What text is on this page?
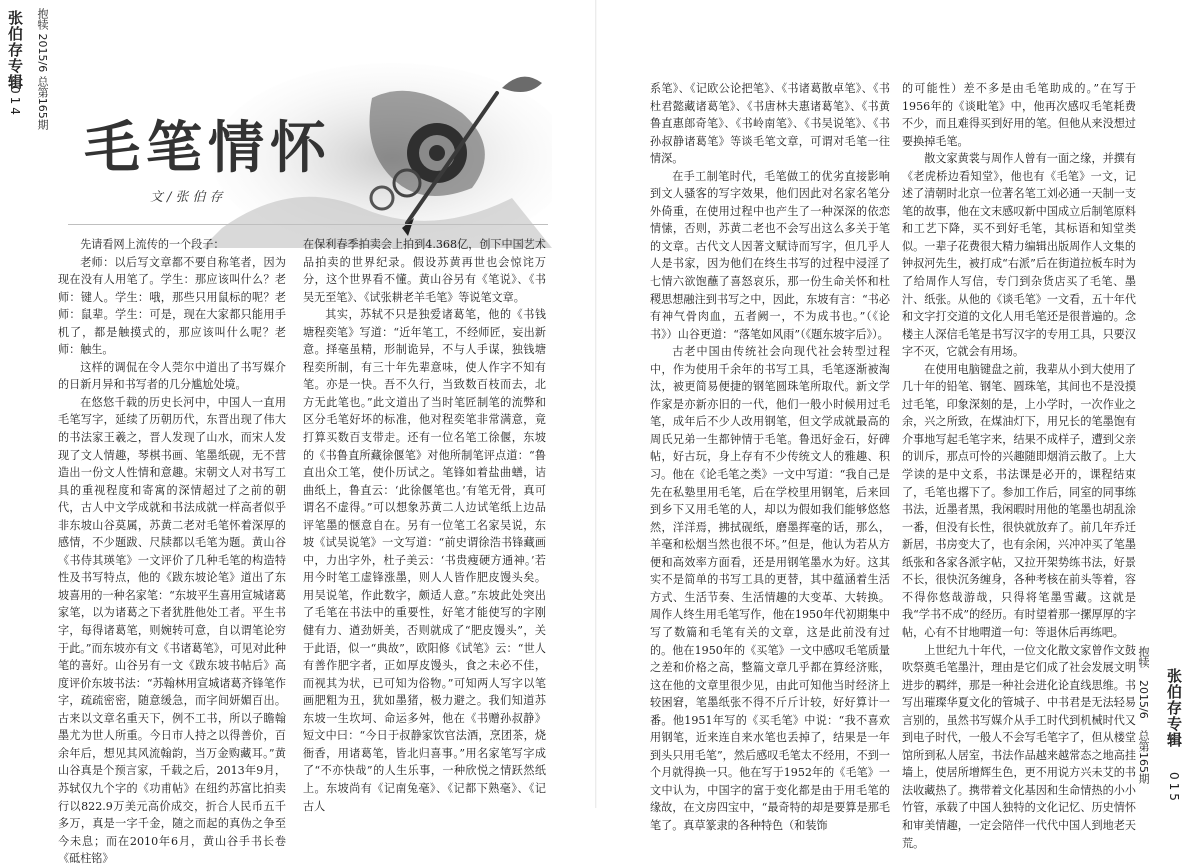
张伯存专辑
014
抱犊 2015/6 总第165期
毛笔情怀
文/张伯存

先请看网上流传的一个段子：

老师：以后写文章都不要自称笔者，因为现在没有人用笔了。学生：那应该叫什么？老师：键人。学生：哦，那些只用鼠标的呢？老师：鼠辈。学生：可是，现在大家都只能用手机了，都是触摸式的，那应该叫什么呢？老师：触生。

这样的调侃在令人莞尔中道出了书写媒介的日新月异和书写者的几分尴尬处境。

在悠悠千载的历史长河中，中国人一直用毛笔写字，延续了历朝历代，东晋出现了伟大的书法家王羲之，晋人发现了山水，而宋人发现了文人情趣，琴棋书画、笔墨纸砚，无不营造出一份文人性情和意趣。宋朝文人对书写工具的重视程度和寄寓的深情超过了之前的朝代，古人中文学成就和书法成就一样高者似乎非东坡山谷莫属，苏黄二老对毛笔怀着深厚的感情，不少题跋、尺牍都以毛笔为题。黄山谷《书侍其瑛笔》一文评价了几种毛笔的构造特性及书写特点，他的《跋东坡论笔》道出了东坡喜用的一种名家笔：“东坡平生喜用宣城诸葛家笔，以为诸葛之下者犹胜他处工者。平生书字，每得诸葛笔，则婉转可意，自以谓笔论穷于此。”而东坡亦有文《书诸葛笔》，可见对此种笔的喜好。山谷另有一文《跋东坡书帖后》高度评价东坡书法：“苏翰林用宣城诸葛齐锋笔作字，疏疏密密，随意缓急，而字间妍媚百出。古来以文章名重天下，例不工书，所以子瞻翰墨尤为世人所重。今日市人持之以得善价，百余年后，想见其风流翰韵，当万金购藏耳。”黄山谷真是个预言家，千载之后，2013年9月，苏轼仅九个字的《功甫帖》在纽约苏富比拍卖行以822.9万美元高价成交，折合人民币五千多万，真是一字千金，随之而起的真伪之争至今未息；而在2010年6月，黄山谷手书长卷《砥柱铭》

在保利春季拍卖会上拍到4.368亿，创下中国艺术品拍卖的世界纪录。假设苏黄再世也会惊诧万分，这个世界看不懂。黄山谷另有《笔说》、《书吴无至笔》、《试张耕老羊毛笔》等说笔文章。

其实，苏轼不只是独爱诸葛笔，他的《书钱塘程奕笔》写道：“近年笔工，不经师匠，妄出新意。择毫虽精，形制诡异，不与人手谋，独钱塘程奕所制，有三十年先辈意味，使人作字不知有笔。亦是一快。吾不久行，当致数百枝而去，北方无此笔也。”此文道出了当时笔匠制笔的流弊和区分毛笔好坏的标准，他对程奕笔非常满意，竟打算买数百支带走。还有一位名笔工徐偃，东坡的《书鲁直所藏徐偃笔》对他所制笔评点道：“鲁直出众工笔，使仆历试之。笔锋如着盐曲蟮，诘曲纸上，鲁直云：‘此徐偃笔也。’有笔无骨，真可谓名不虚得。”可以想象苏黄二人边试笔纸上边品评笔墨的惬意自在。另有一位笔工名家吴说，东坡《试吴说笔》一文写道：“前史谓徐浩书锋藏画中，力出字外，杜子美云：‘书贵瘦硬方通神。’若用今时笔工虚锋涨墨，则人人皆作肥皮馒头矣。用吴说笔，作此数字，颇适人意。”东坡此处突出了毛笔在书法中的重要性，好笔才能使写的字刚健有力、遒劲妍美，否则就成了“肥皮馒头”，关于此语，似一“典故”，欧阳修《试笔》云：“世人有善作肥字者，正如厚皮馒头，食之未必不佳，而视其为状，已可知为俗物。”可知两人写字以笔画肥粗为丑，犹如墨猪，极力避之。我们知道苏东坡一生坎坷、命运多舛，他在《书赠孙叔静》短文中曰：“今日于叔静家饮官法酒，烹团茶，烧衙香，用诸葛笔，皆北归喜事。”用名家笔写字成了“不亦快哉”的人生乐事，一种欣悦之情跃然纸上。东坡尚有《记南兔毫》、《记都下熟毫》、《记古人

系笔》、《记欧公论把笔》、《书诸葛散卓笔》、《书杜君懿藏诸葛笔》、《书唐林夫惠诸葛笔》、《书黄鲁直惠郎奇笔》、《书岭南笔》、《书吴说笔》、《书孙叔静诸葛笔》等谈毛笔文章，可谓对毛笔一往情深。

在手工制笔时代，毛笔做工的优劣直接影响到文人骚客的写字效果，他们因此对名家名笔分外倚重，在使用过程中也产生了一种深深的依恋情愫，否则，苏黄二老也不会写出这么多关于笔的文章。古代文人因著文赋诗而写字，但几乎人人是书家，因为他们在终生书写的过程中浸淫了七情六欲饱蘸了喜怒哀乐，那一份生命关怀和杜稷思想融注到书写之中，因此，东坡有言：“书必有神气骨肉血，五者阙一，不为成书也。”（《论书》）山谷更道：“落笔如风雨”（《题东坡字后》）。

古老中国由传统社会向现代社会转型过程中，作为使用千余年的书写工具，毛笔逐渐被淘汰，被更简易便捷的钢笔圆珠笔所取代。新文学作家是亦新亦旧的一代，他们一般小时候用过毛笔，成年后不少人改用钢笔，但文学成就最高的周氏兄弟一生都钟情于毛笔。鲁迅好金石，好碑帖，好古玩，身上存有不少传统文人的雅趣、积习。他在《论毛笔之类》一文中写道：“我自己是先在私塾里用毛笔，后在学校里用钢笔，后来回到乡下又用毛笔的人，却以为假如我们能够悠悠然，洋洋焉，拂拭砚纸，磨墨挥毫的话，那么，羊毫和松烟当然也很不坏。”但是，他认为若从方便和高效率方面看，还是用钢笔墨水为好。这其实不是简单的书写工具的更替，其中蕴涵着生活方式、生活节奏、生活情趣的大变革、大转换。周作人终生用毛笔写作，他在1950年代初期集中写了数篇和毛笔有关的文章，这是此前没有过的。他在1950年的《买笔》一文中感叹毛笔质量之差和价格之高，整篇文章几乎都在算经济账，这在他的文章里很少见，由此可知他当时经济上较困窘，笔墨纸张不得不斤斤计较，好好算计一番。他1951年写的《买毛笔》中说：“我不喜欢用钢笔，近来连自来水笔也丢掉了，结果是一年到头只用毛笔”，然后感叹毛笔太不经用，不到一个月就得换一只。他在写于1952年的《毛笔》一文中认为，中国字的富于变化都是由于用毛笔的缘故，在文房四宝中，“最奇特的却是要算是那毛笔了。真草篆隶的各种特色（和装饰

的可能性）差不多是由毛笔助成的。”在写于1956年的《谈毗笔》中，他再次感叹毛笔耗费不少，而且难得买到好用的笔。但他从来没想过要换掉毛笔。

散文家黄裳与周作人曾有一面之缘，并撰有《老虎桥边看知堂》，他也有《毛笔》一文，记述了清朝时北京一位著名笔工刘必通一天制一支笔的故事，他在文末感叹新中国成立后制笔原料和工艺下降，买不到好毛笔，其标语和知堂类似。一辈子花费很大精力编辑出版周作人文集的钟叔河先生，被打成“右派”后在街道拉板车时为了给周作人写信，专门到杂货店买了毛笔、墨汁、纸张。从他的《谈毛笔》一文看，五十年代和文字打交道的文化人用毛笔还是很普遍的。念楼主人深信毛笔是书写汉字的专用工具，只要汉字不灭，它就会有用场。

在使用电脑键盘之前，我辈从小到大使用了几十年的铅笔、钢笔、圆珠笔，其间也不是没摸过毛笔，印象深刻的是，上小学时，一次作业之余，兴之所致，在煤油灯下，用兄长的笔墨饱有介事地写起毛笔字来，结果不成样子，遭到父亲的训斥，那点可怜的兴趣随即烟消云散了。上大学读的是中文系，书法课是必开的，课程结束了，毛笔也撂下了。参加工作后，同室的同事练书法，近墨者黑，我闲暇时用他的笔墨也胡乱涂一番，但没有长性，很快就放弃了。前几年乔迁新居，书房变大了，也有余闲，兴冲冲买了笔墨纸张和各家各派字帖，又拉开架势练书法，好景不长，很快沉务缠身，各种考核在前头等着，容不得你悠哉游哉，只得将笔墨雪藏。这就是我“学书不成”的经历。有时望着那一摞厚厚的字帖，心有不甘地喟道一句：等退休后再练吧。

上世纪九十年代，一位文化散文家曾作文鼓吹祭奠毛笔墨汁，理由是它们成了社会发展文明进步的羁绊，那是一种社会进化论直线思维。书写出璀璨华夏文化的管城子、中书君是无法轻易言别的，虽然书写媒介从手工时代到机械时代又到电子时代，一般人不会写毛笔字了，但从楼堂馆所到私人居室，书法作品越来越常态之地高挂墙上，使居所增辉生色，更不用说方兴未艾的书法收藏热了。携带着文化基因和生命情热的小小竹管，承载了中国人独特的文化记忆、历史情怀和审美情趣，一定会陪伴一代代中国人到地老天荒。

张伯存专辑
015
抱犊 2015/6 总第165期
